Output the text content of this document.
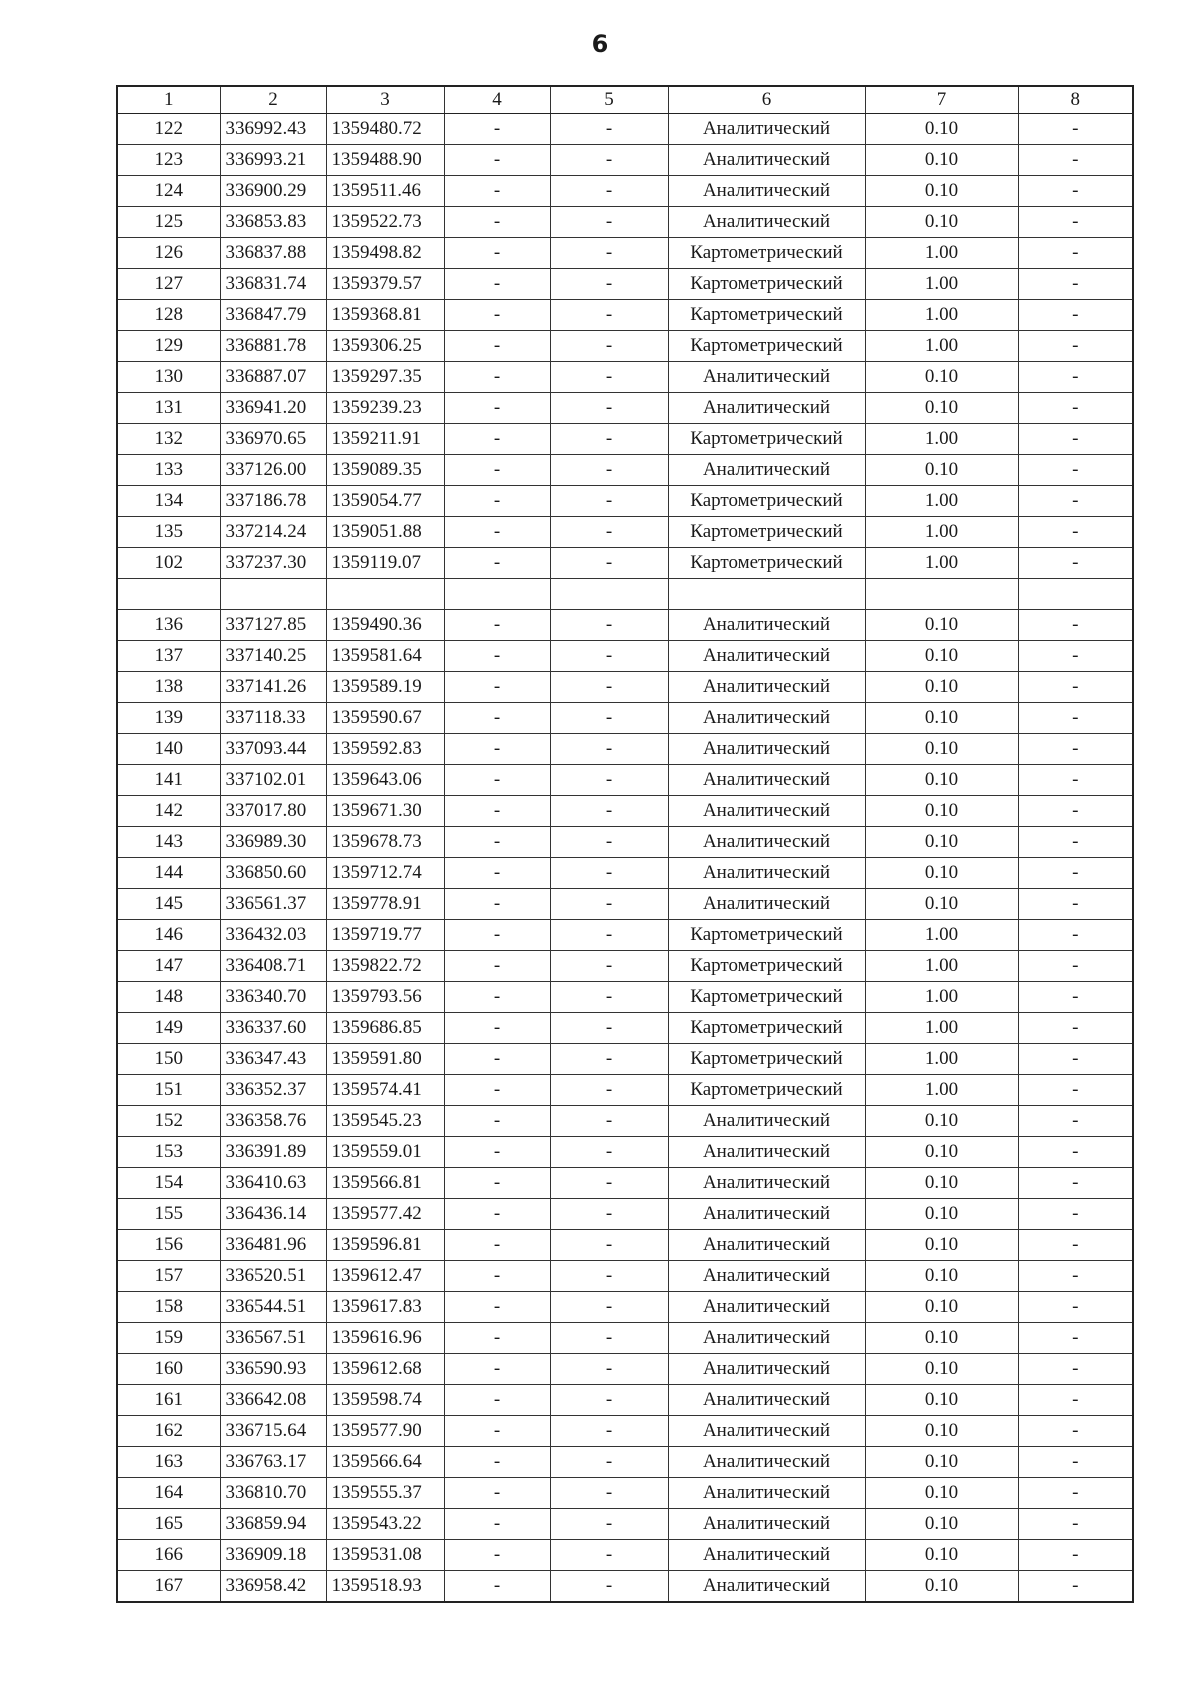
6
1	2	3	4	5	6	7	8
122	336992.43	1359480.72	-	-	Аналитический	0.10	-
123	336993.21	1359488.90	-	-	Аналитический	0.10	-
124	336900.29	1359511.46	-	-	Аналитический	0.10	-
125	336853.83	1359522.73	-	-	Аналитический	0.10	-
126	336837.88	1359498.82	-	-	Картометрический	1.00	-
127	336831.74	1359379.57	-	-	Картометрический	1.00	-
128	336847.79	1359368.81	-	-	Картометрический	1.00	-
129	336881.78	1359306.25	-	-	Картометрический	1.00	-
130	336887.07	1359297.35	-	-	Аналитический	0.10	-
131	336941.20	1359239.23	-	-	Аналитический	0.10	-
132	336970.65	1359211.91	-	-	Картометрический	1.00	-
133	337126.00	1359089.35	-	-	Аналитический	0.10	-
134	337186.78	1359054.77	-	-	Картометрический	1.00	-
135	337214.24	1359051.88	-	-	Картометрический	1.00	-
102	337237.30	1359119.07	-	-	Картометрический	1.00	-

136	337127.85	1359490.36	-	-	Аналитический	0.10	-
137	337140.25	1359581.64	-	-	Аналитический	0.10	-
138	337141.26	1359589.19	-	-	Аналитический	0.10	-
139	337118.33	1359590.67	-	-	Аналитический	0.10	-
140	337093.44	1359592.83	-	-	Аналитический	0.10	-
141	337102.01	1359643.06	-	-	Аналитический	0.10	-
142	337017.80	1359671.30	-	-	Аналитический	0.10	-
143	336989.30	1359678.73	-	-	Аналитический	0.10	-
144	336850.60	1359712.74	-	-	Аналитический	0.10	-
145	336561.37	1359778.91	-	-	Аналитический	0.10	-
146	336432.03	1359719.77	-	-	Картометрический	1.00	-
147	336408.71	1359822.72	-	-	Картометрический	1.00	-
148	336340.70	1359793.56	-	-	Картометрический	1.00	-
149	336337.60	1359686.85	-	-	Картометрический	1.00	-
150	336347.43	1359591.80	-	-	Картометрический	1.00	-
151	336352.37	1359574.41	-	-	Картометрический	1.00	-
152	336358.76	1359545.23	-	-	Аналитический	0.10	-
153	336391.89	1359559.01	-	-	Аналитический	0.10	-
154	336410.63	1359566.81	-	-	Аналитический	0.10	-
155	336436.14	1359577.42	-	-	Аналитический	0.10	-
156	336481.96	1359596.81	-	-	Аналитический	0.10	-
157	336520.51	1359612.47	-	-	Аналитический	0.10	-
158	336544.51	1359617.83	-	-	Аналитический	0.10	-
159	336567.51	1359616.96	-	-	Аналитический	0.10	-
160	336590.93	1359612.68	-	-	Аналитический	0.10	-
161	336642.08	1359598.74	-	-	Аналитический	0.10	-
162	336715.64	1359577.90	-	-	Аналитический	0.10	-
163	336763.17	1359566.64	-	-	Аналитический	0.10	-
164	336810.70	1359555.37	-	-	Аналитический	0.10	-
165	336859.94	1359543.22	-	-	Аналитический	0.10	-
166	336909.18	1359531.08	-	-	Аналитический	0.10	-
167	336958.42	1359518.93	-	-	Аналитический	0.10	-
